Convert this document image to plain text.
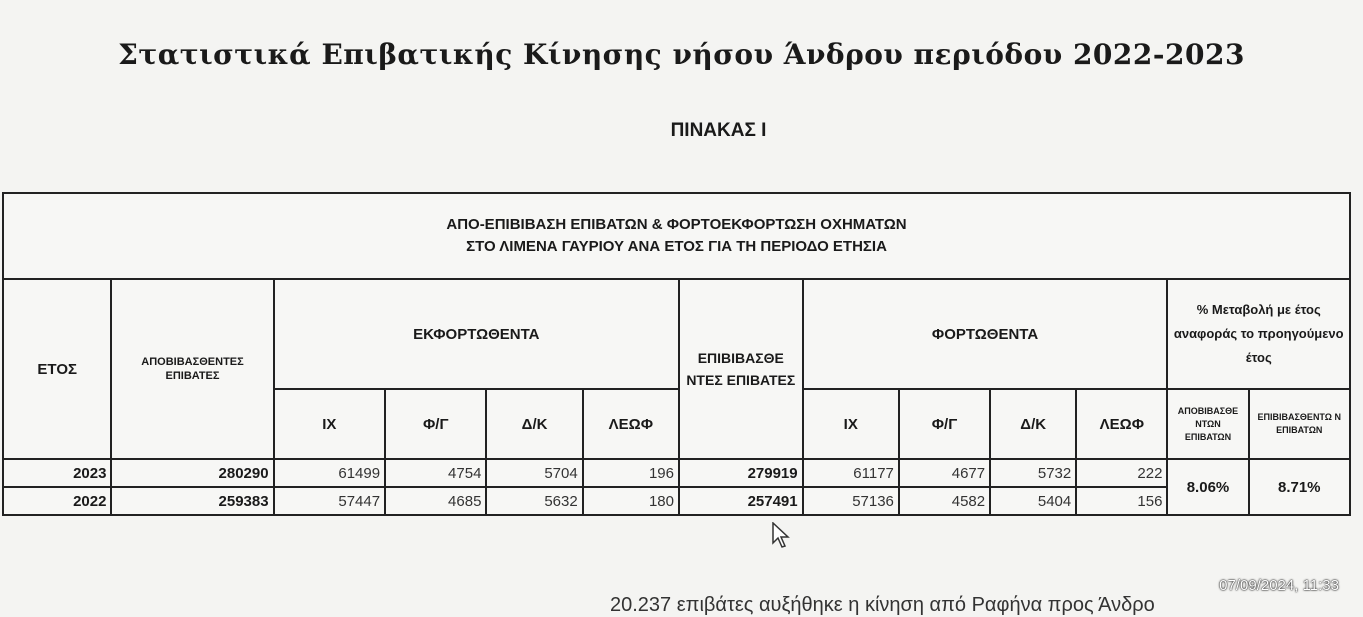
Στατιστικά Επιβατικής Κίνησης νήσου Άνδρου περιόδου 2022-2023
ΠΙΝΑΚΑΣ Ι
ΑΠΟ-ΕΠΙΒΙΒΑΣΗ ΕΠΙΒΑΤΩΝ & ΦΟΡΤΟΕΚΦΟΡΤΩΣΗ ΟΧΗΜΑΤΩΝ
ΣΤΟ ΛΙΜΕΝΑ ΓΑΥΡΙΟΥ ΑΝΑ ΕΤΟΣ ΓΙΑ ΤΗ ΠΕΡΙΟΔΟ ΕΤΗΣΙΑ												

ΕΤΟΣ	ΑΠΟΒΙΒΑΣΘΕΝΤΕΣ ΕΠΙΒΑΤΕΣ	ΕΚΦΟΡΤΩΘΕΝΤΑ				ΕΠΙΒΙΒΑΣΘΕ ΝΤΕΣ ΕΠΙΒΑΤΕΣ	ΦΟΡΤΩΘΕΝΤΑ				% Μεταβολή με έτος αναφοράς το προηγούμενο έτος	
		ΙΧ	Φ/Γ	Δ/Κ	ΛΕΩΦ		ΙΧ	Φ/Γ	Δ/Κ	ΛΕΩΦ	ΑΠΟΒΙΒΑΣΘΕ ΝΤΩΝ ΕΠΙΒΑΤΩΝ	ΕΠΙΒΙΒΑΣΘΕΝΤΩ Ν ΕΠΙΒΑΤΩΝ
2023	280290	61499	4754	5704	196	279919	61177	4677	5732	222	8.06%	8.71%
2022	259383	57447	4685	5632	180	257491	57136	4582	5404	156		
20.237 επιβάτες αυξήθηκε η κίνηση από Ραφήνα προς Άνδρο
07/09/2024, 11:33
